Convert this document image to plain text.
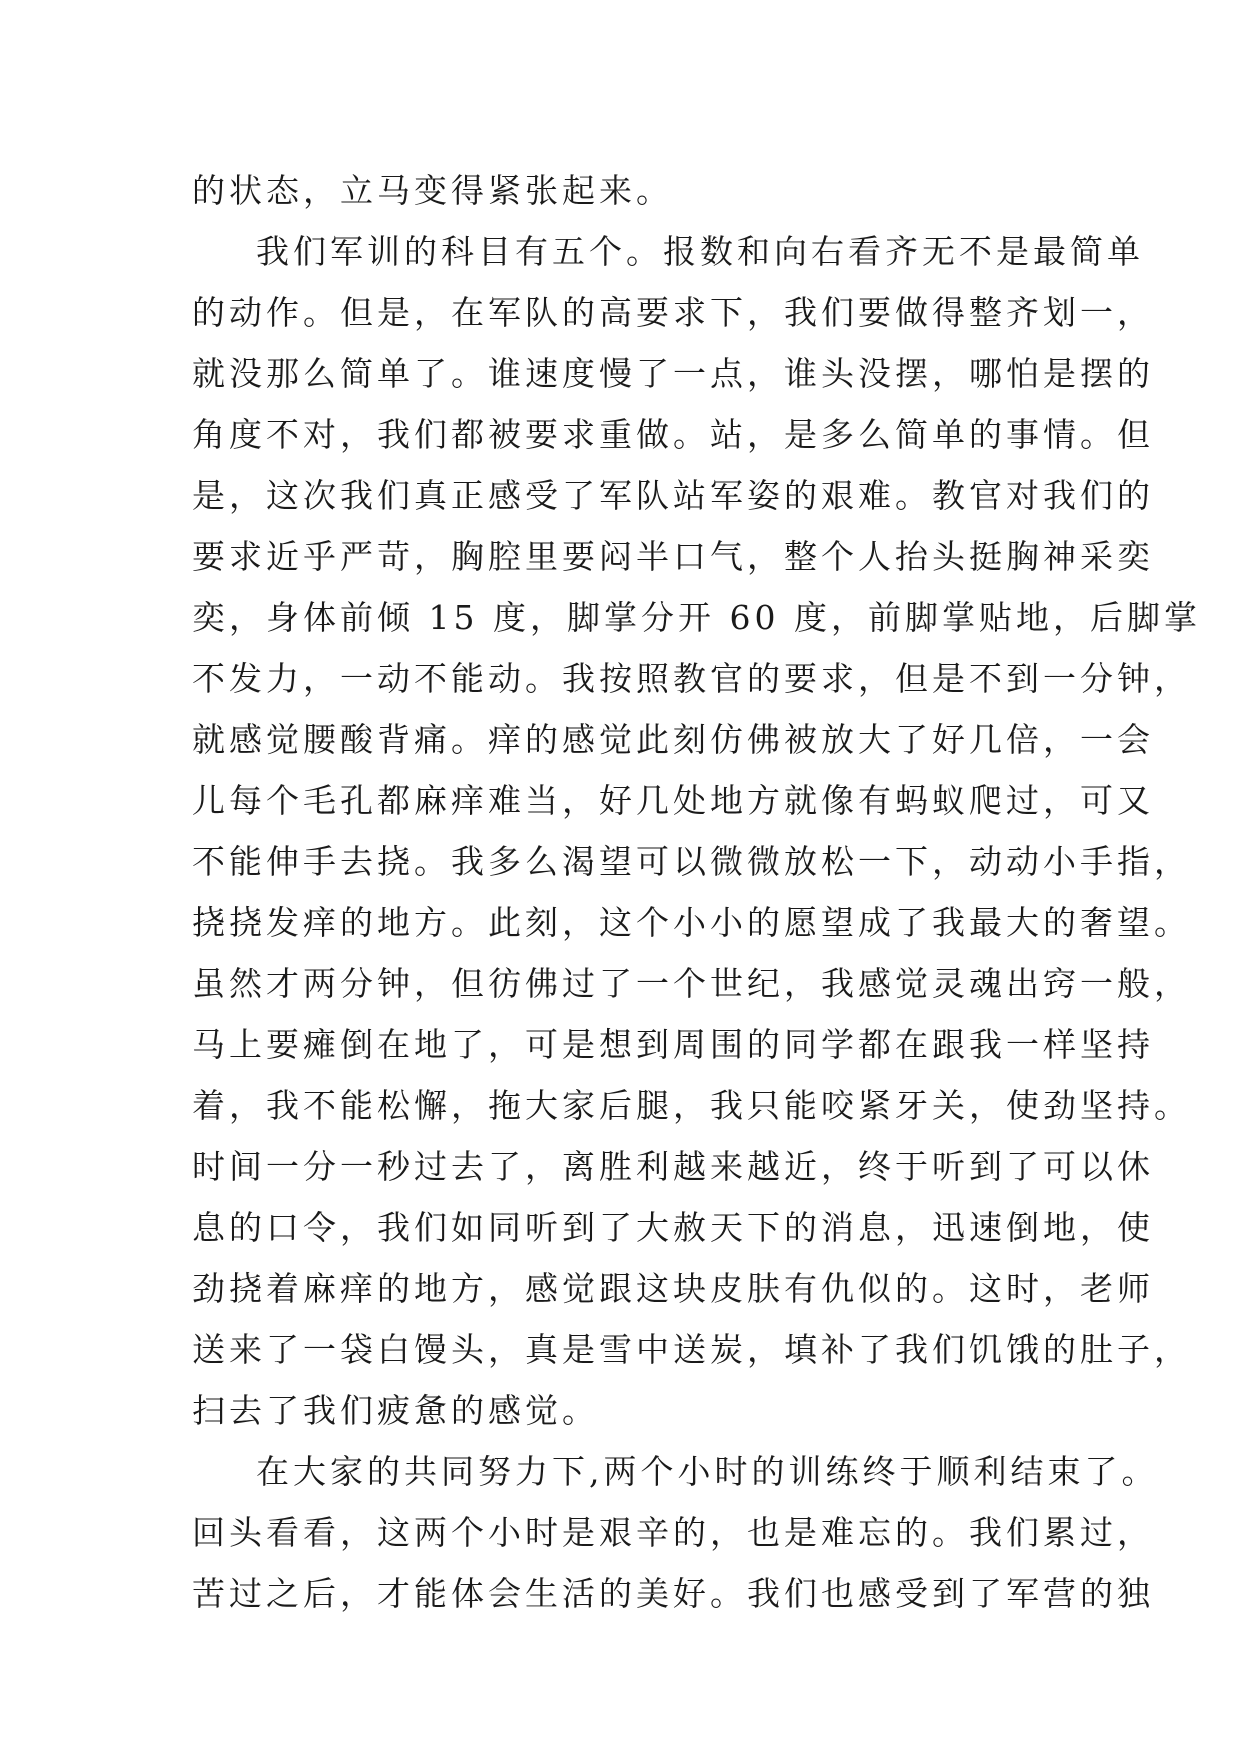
的状态，立马变得紧张起来。
我们军训的科目有五个。报数和向右看齐无不是最简单
的动作。但是，在军队的高要求下，我们要做得整齐划一，
就没那么简单了。谁速度慢了一点，谁头没摆，哪怕是摆的
角度不对，我们都被要求重做。站，是多么简单的事情。但
是，这次我们真正感受了军队站军姿的艰难。教官对我们的
要求近乎严苛，胸腔里要闷半口气，整个人抬头挺胸神采奕
奕，身体前倾 15 度，脚掌分开 60 度，前脚掌贴地，后脚掌
不发力，一动不能动。我按照教官的要求，但是不到一分钟，
就感觉腰酸背痛。痒的感觉此刻仿佛被放大了好几倍，一会
儿每个毛孔都麻痒难当，好几处地方就像有蚂蚁爬过，可又
不能伸手去挠。我多么渴望可以微微放松一下，动动小手指，
挠挠发痒的地方。此刻，这个小小的愿望成了我最大的奢望。
虽然才两分钟，但彷佛过了一个世纪，我感觉灵魂出窍一般，
马上要瘫倒在地了，可是想到周围的同学都在跟我一样坚持
着，我不能松懈，拖大家后腿，我只能咬紧牙关，使劲坚持。
时间一分一秒过去了，离胜利越来越近，终于听到了可以休
息的口令，我们如同听到了大赦天下的消息，迅速倒地，使
劲挠着麻痒的地方，感觉跟这块皮肤有仇似的。这时，老师
送来了一袋白馒头，真是雪中送炭，填补了我们饥饿的肚子，
扫去了我们疲惫的感觉。
在大家的共同努力下,两个小时的训练终于顺利结束了。
回头看看，这两个小时是艰辛的，也是难忘的。我们累过，
苦过之后，才能体会生活的美好。我们也感受到了军营的独
